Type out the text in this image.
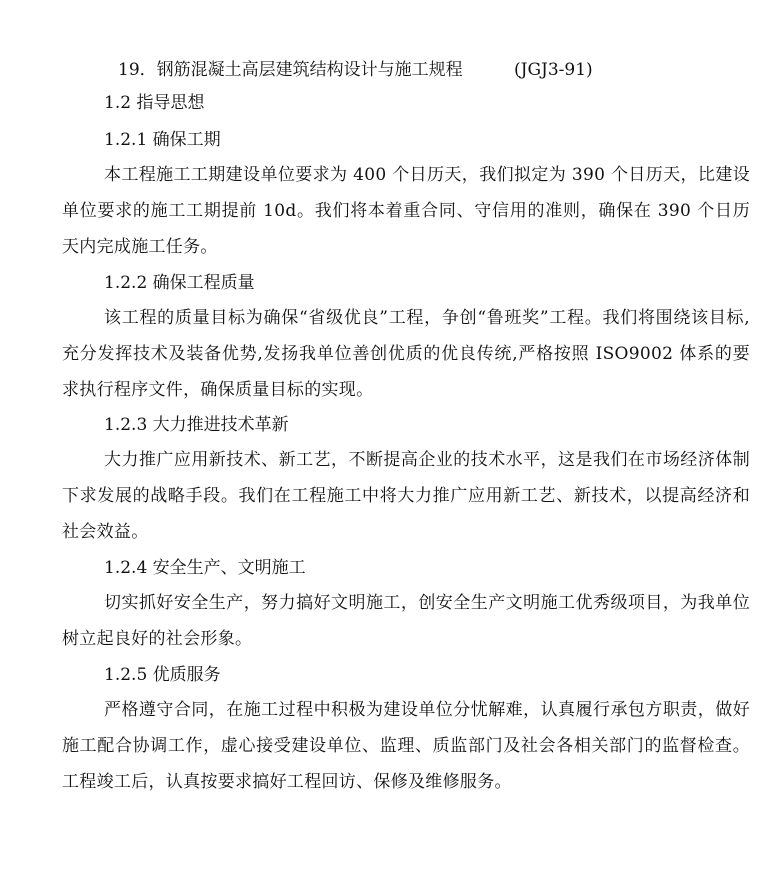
19．钢筋混凝土高层建筑结构设计与施工规程	(JGJ3-91)
1.2 指导思想
1.2.1 确保工期
本工程施工工期建设单位要求为 400 个日历天，我们拟定为 390 个日历天，比建设单位要求的施工工期提前 10d。我们将本着重合同、守信用的准则，确保在 390 个日历天内完成施工任务。
1.2.2 确保工程质量
该工程的质量目标为确保“省级优良”工程，争创“鲁班奖”工程。我们将围绕该目标,充分发挥技术及装备优势,发扬我单位善创优质的优良传统,严格按照 ISO9002 体系的要求执行程序文件，确保质量目标的实现。
1.2.3 大力推进技术革新
大力推广应用新技术、新工艺，不断提高企业的技术水平，这是我们在市场经济体制下求发展的战略手段。我们在工程施工中将大力推广应用新工艺、新技术，以提高经济和社会效益。
1.2.4 安全生产、文明施工
切实抓好安全生产，努力搞好文明施工，创安全生产文明施工优秀级项目，为我单位树立起良好的社会形象。
1.2.5 优质服务
严格遵守合同，在施工过程中积极为建设单位分忧解难，认真履行承包方职责，做好施工配合协调工作，虚心接受建设单位、监理、质监部门及社会各相关部门的监督检查。工程竣工后，认真按要求搞好工程回访、保修及维修服务。
